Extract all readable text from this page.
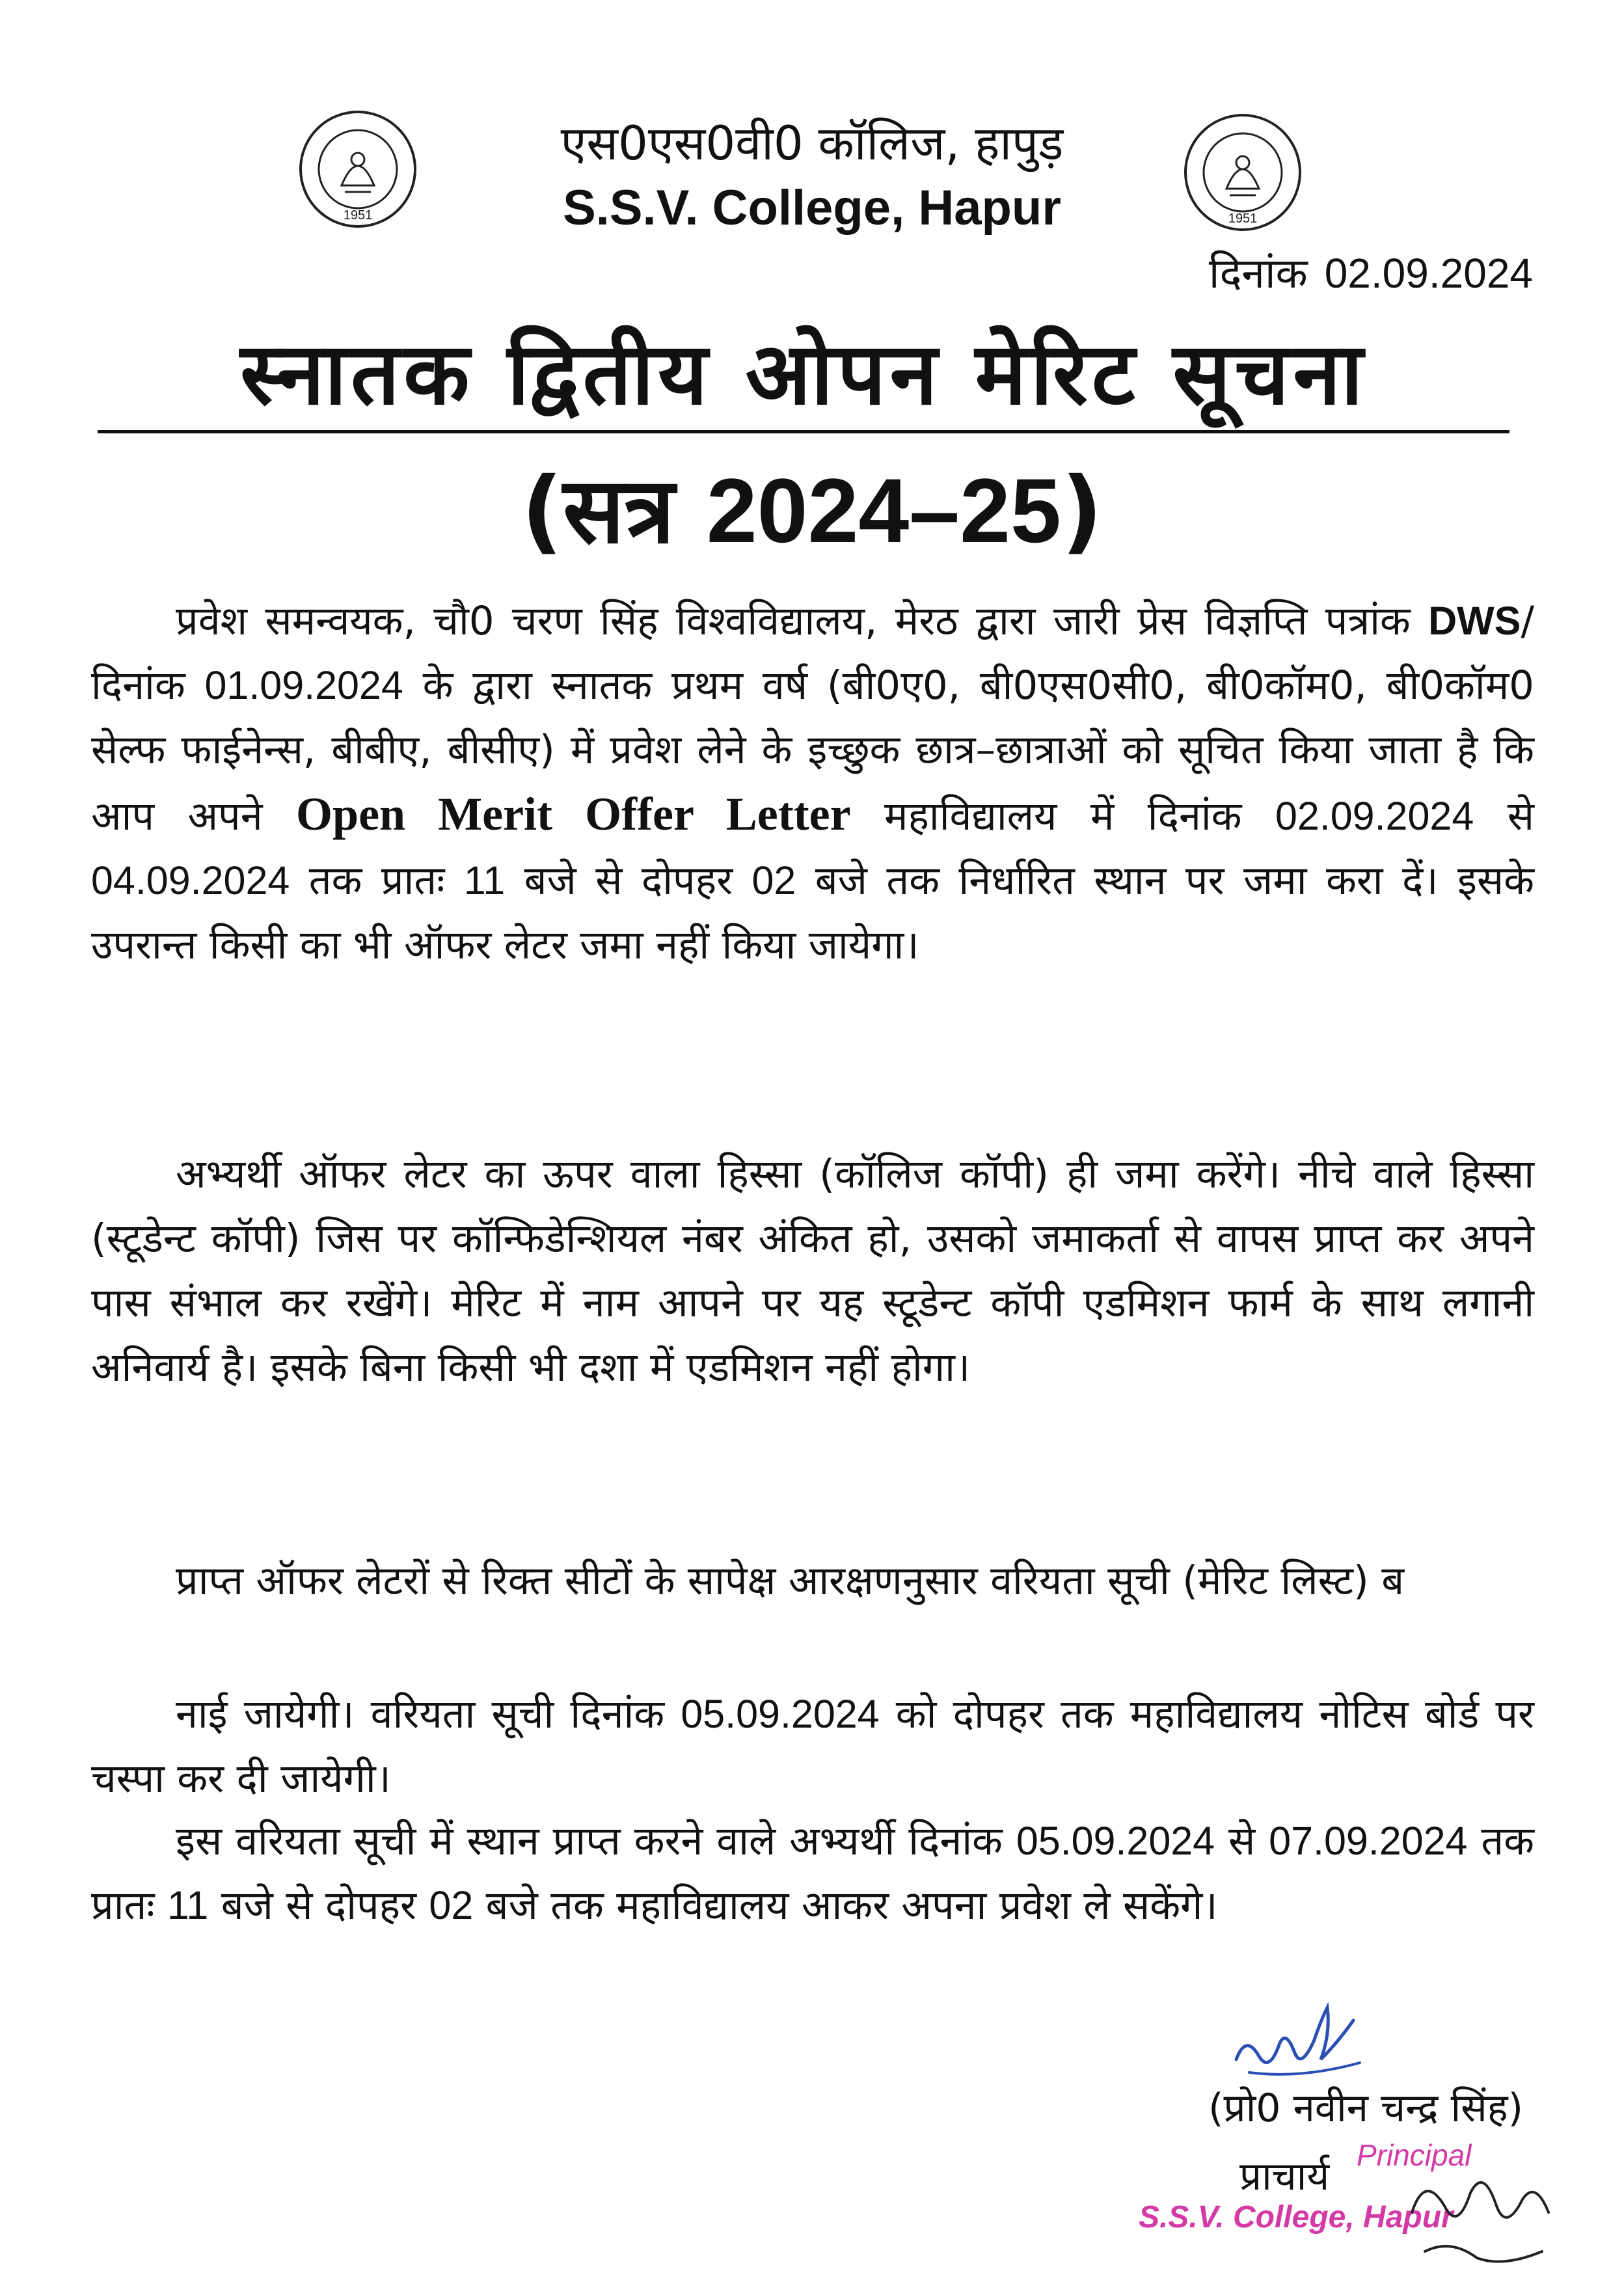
1951	1951
एस0एस0वी0 कॉलिज, हापुड़
S.S.V. College, Hapur
दिनांक 02.09.2024
स्नातक द्वितीय ओपन मेरिट सूचना
(सत्र 2024–25)
प्रवेश समन्वयक, चौ0 चरण सिंह विश्वविद्यालय, मेरठ द्वारा जारी प्रेस विज्ञप्ति पत्रांक DWS/ दिनांक 01.09.2024 के द्वारा स्नातक प्रथम वर्ष (बी0ए0, बी0एस0सी0, बी0कॉम0, बी0कॉम0 सेल्फ फाईनेन्स, बीबीए, बीसीए) में प्रवेश लेने के इच्छुक छात्र–छात्राओं को सूचित किया जाता है कि आप अपने Open Merit Offer Letter महाविद्यालय में दिनांक 02.09.2024 से 04.09.2024 तक प्रातः 11 बजे से दोपहर 02 बजे तक निर्धारित स्थान पर जमा करा दें। इसके उपरान्त किसी का भी ऑफर लेटर जमा नहीं किया जायेगा।
अभ्यर्थी ऑफर लेटर का ऊपर वाला हिस्सा (कॉलिज कॉपी) ही जमा करेंगे। नीचे वाले हिस्सा (स्टूडेन्ट कॉपी) जिस पर कॉन्फिडेन्शियल नंबर अंकित हो, उसको जमाकर्ता से वापस प्राप्त कर अपने पास संभाल कर रखेंगे। मेरिट में नाम आपने पर यह स्टूडेन्ट कॉपी एडमिशन फार्म के साथ लगानी अनिवार्य है। इसके बिना किसी भी दशा में एडमिशन नहीं होगा।
प्राप्त ऑफर लेटरों से रिक्त सीटों के सापेक्ष आरक्षणनुसार वरियता सूची (मेरिट लिस्ट) ब
नाई जायेगी। वरियता सूची दिनांक 05.09.2024 को दोपहर तक महाविद्यालय नोटिस बोर्ड पर चस्पा कर दी जायेगी।
इस वरियता सूची में स्थान प्राप्त करने वाले अभ्यर्थी दिनांक 05.09.2024 से 07.09.2024 तक प्रातः 11 बजे से दोपहर 02 बजे तक महाविद्यालय आकर अपना प्रवेश ले सकेंगे।
(प्रो0 नवीन चन्द्र सिंह)
प्राचार्य Principal
S.S.V. College, Hapur
